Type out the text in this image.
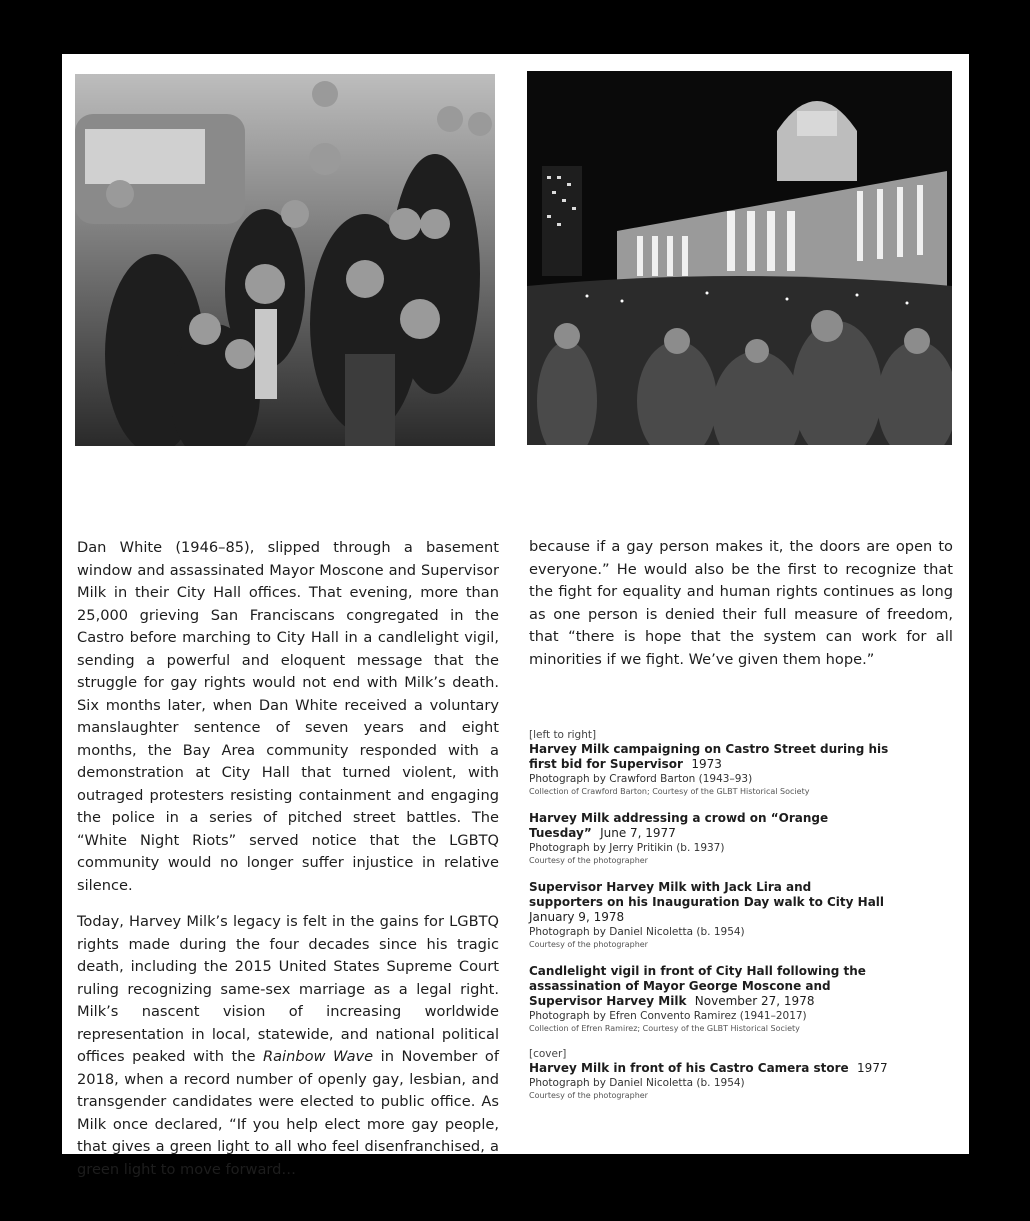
Dan White (1946–85), slipped through a basement window and assassinated Mayor Moscone and Supervisor Milk in their City Hall offices. That evening, more than 25,000 grieving San Franciscans congregated in the Castro before marching to City Hall in a candlelight vigil, sending a powerful and eloquent message that the struggle for gay rights would not end with Milk’s death. Six months later, when Dan White received a voluntary manslaughter sentence of seven years and eight months, the Bay Area community responded with a demonstration at City Hall that turned violent, with outraged protesters resisting containment and engaging the police in a series of pitched street battles. The “White Night Riots” served notice that the LGBTQ community would no longer suffer injustice in relative silence.

Today, Harvey Milk’s legacy is felt in the gains for LGBTQ rights made during the four decades since his tragic death, including the 2015 United States Supreme Court ruling recognizing same-sex marriage as a legal right. Milk’s nascent vision of increasing worldwide representation in local, statewide, and national political offices peaked with the Rainbow Wave in November of 2018, when a record number of openly gay, lesbian, and transgender candidates were elected to public office. As Milk once declared, “If you help elect more gay people, that gives a green light to all who feel disenfranchised, a green light to move forward…

because if a gay person makes it, the doors are open to everyone.” He would also be the first to recognize that the fight for equality and human rights continues as long as one person is denied their full measure of freedom, that “there is hope that the system can work for all minorities if we fight. We’ve given them hope.”

[left to right]
Harvey Milk campaigning on Castro Street during his first bid for Supervisor 1973
Photograph by Crawford Barton (1943–93)
Collection of Crawford Barton; Courtesy of the GLBT Historical Society
Harvey Milk addressing a crowd on “Orange Tuesday” June 7, 1977
Photograph by Jerry Pritikin (b. 1937)
Courtesy of the photographer
Supervisor Harvey Milk with Jack Lira and supporters on his Inauguration Day walk to City Hall  January 9, 1978
Photograph by Daniel Nicoletta (b. 1954)
Courtesy of the photographer
Candlelight vigil in front of City Hall following the assassination of Mayor George Moscone and Supervisor Harvey Milk November 27, 1978
Photograph by Efren Convento Ramirez (1941–2017)
Collection of Efren Ramirez; Courtesy of the GLBT Historical Society
[cover]
Harvey Milk in front of his Castro Camera store 1977
Photograph by Daniel Nicoletta (b. 1954)
Courtesy of the photographer
